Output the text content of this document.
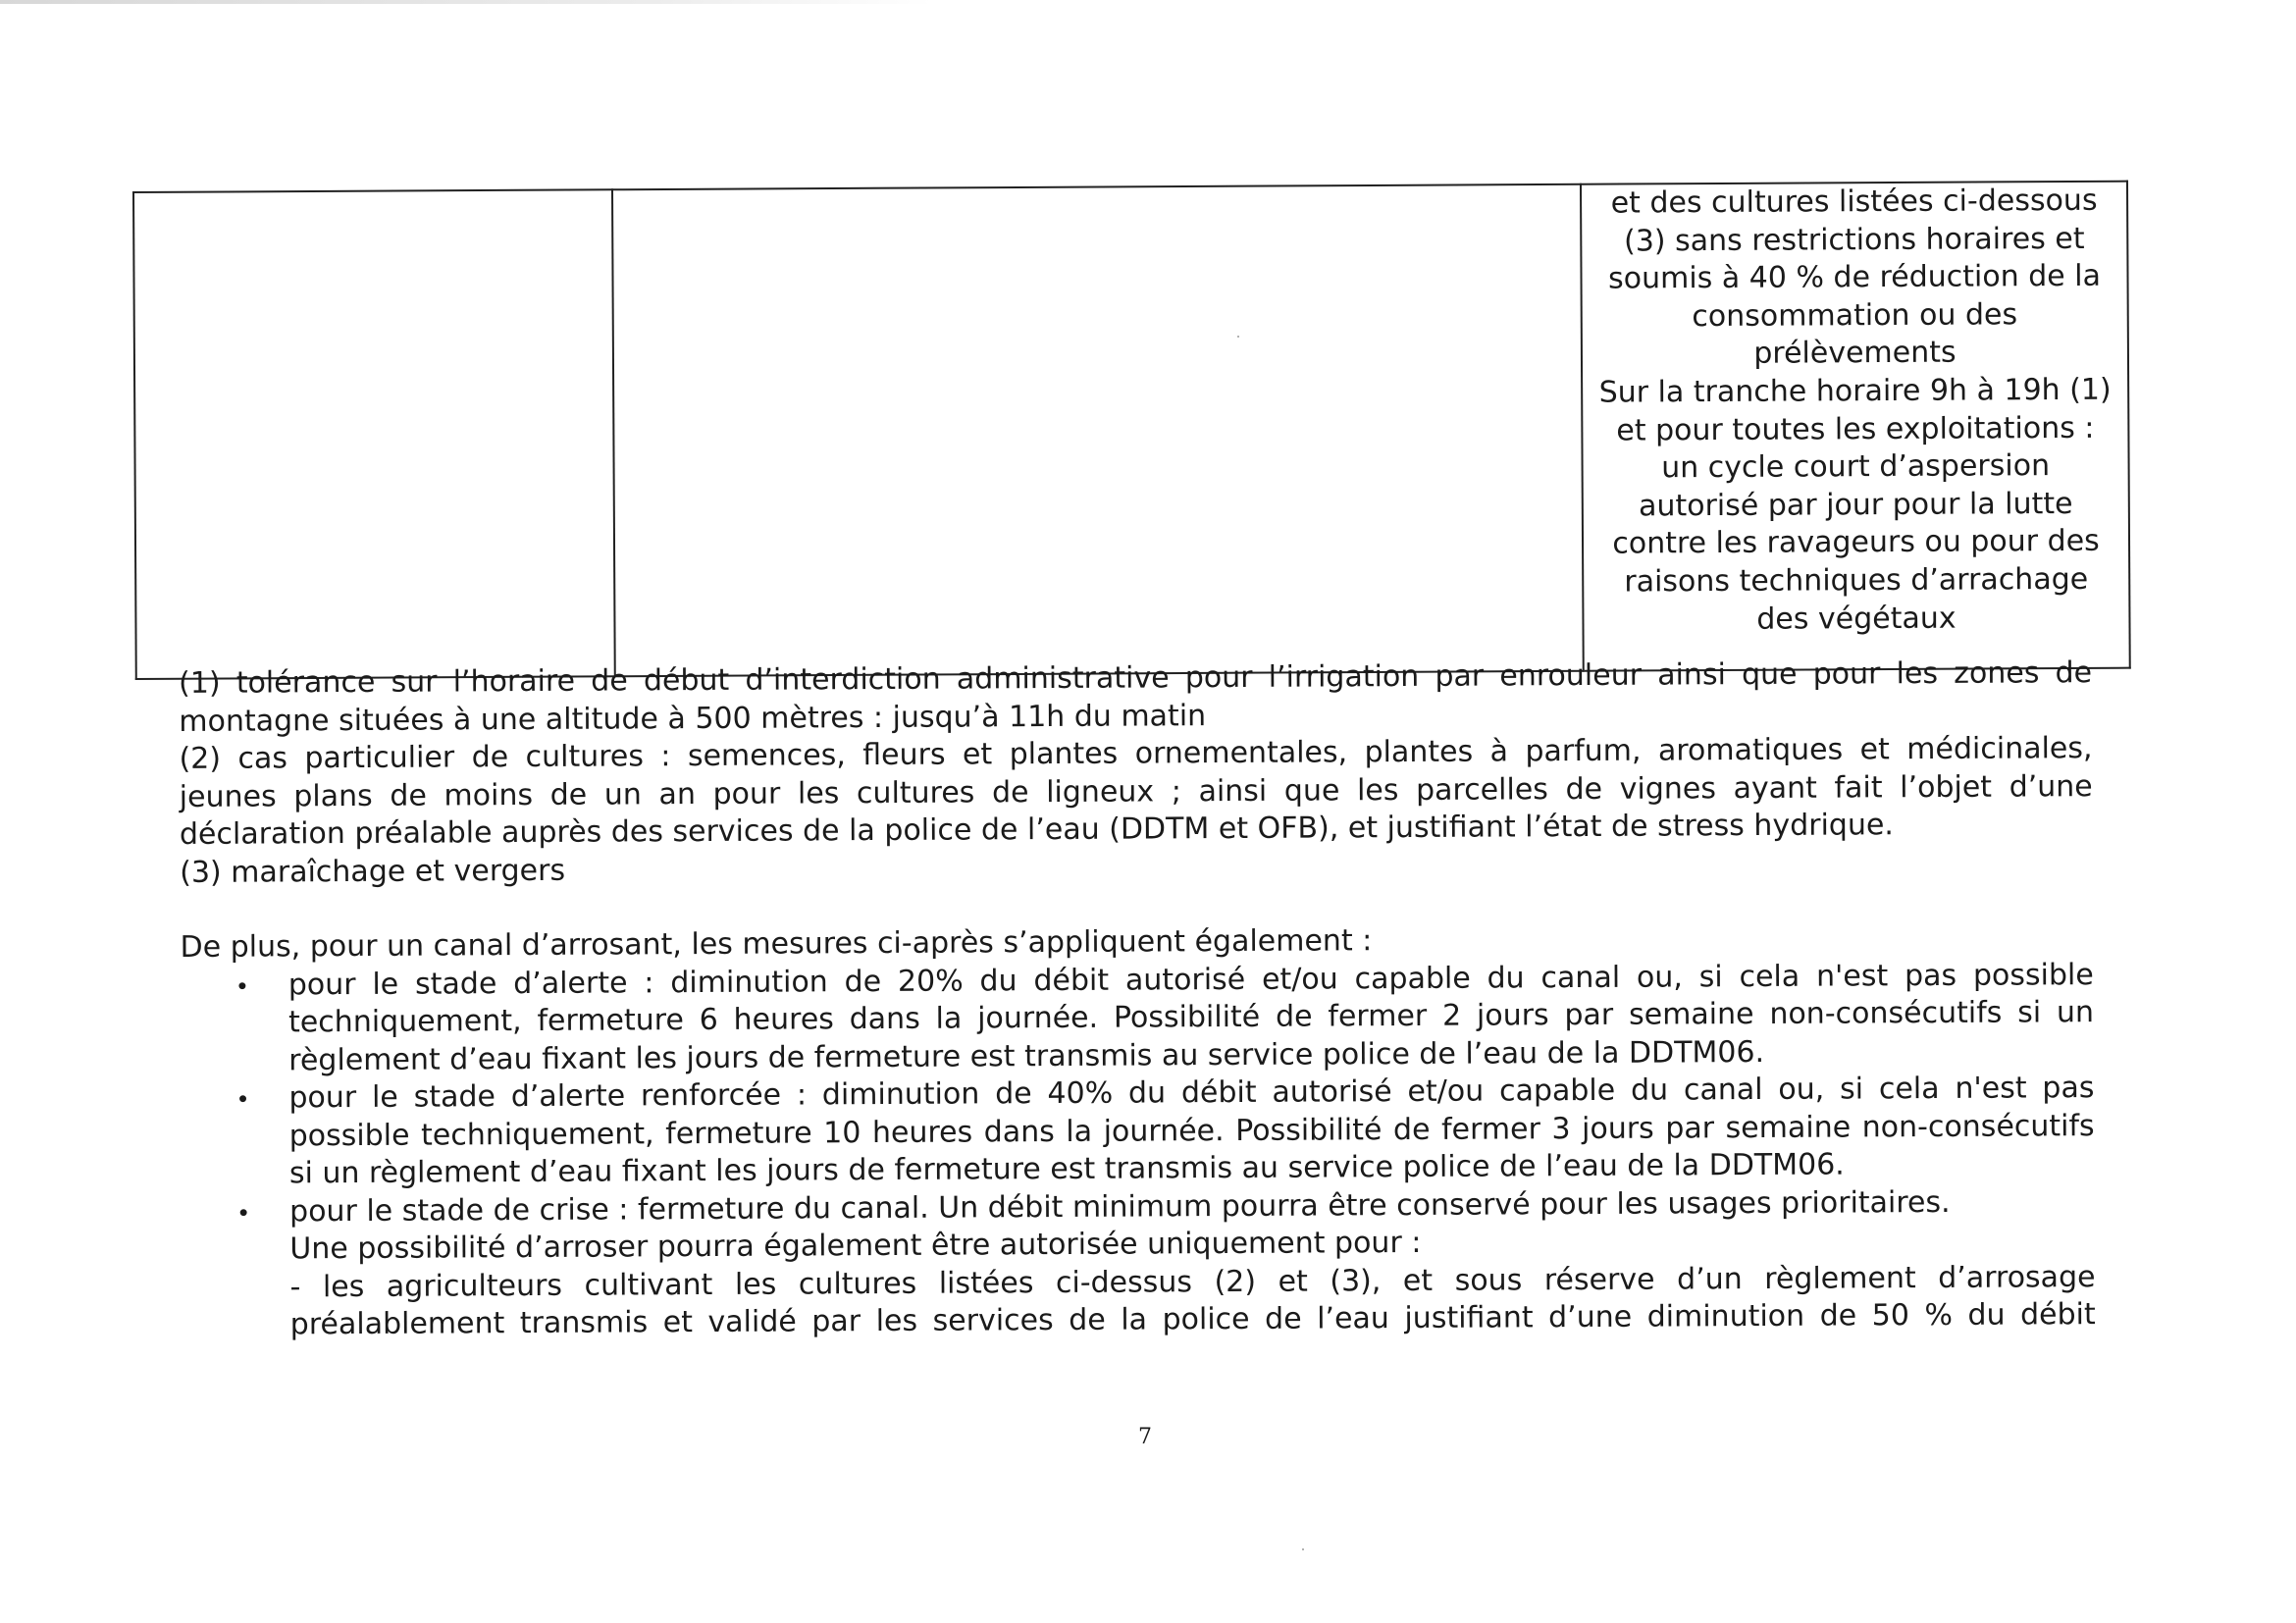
et des cultures listées ci-dessous
(3) sans restrictions horaires et
soumis à 40 % de réduction de la
consommation ou des
prélèvements
Sur la tranche horaire 9h à 19h (1)
et pour toutes les exploitations :
un cycle court d’aspersion
autorisé par jour pour la lutte
contre les ravageurs ou pour des
raisons techniques d’arrachage
des végétaux
(1) tolérance sur l’horaire de début d’interdiction administrative pour l’irrigation par enrouleur ainsi que pour les zones de
montagne situées à une altitude à 500 mètres : jusqu’à 11h du matin
(2) cas particulier de cultures : semences, fleurs et plantes ornementales, plantes à parfum, aromatiques et médicinales,
jeunes plans de moins de un an pour les cultures de ligneux ; ainsi que les parcelles de vignes ayant fait l’objet d’une
déclaration préalable auprès des services de la police de l’eau (DDTM et OFB), et justifiant l’état de stress hydrique.
(3) maraîchage et vergers
De plus, pour un canal d’arrosant, les mesures ci-après s’appliquent également :
• pour le stade d’alerte : diminution de 20% du débit autorisé et/ou capable du canal ou, si cela n'est pas possible
techniquement, fermeture 6 heures dans la journée. Possibilité de fermer 2 jours par semaine non-consécutifs si un
règlement d’eau fixant les jours de fermeture est transmis au service police de l’eau de la DDTM06.
• pour le stade d’alerte renforcée : diminution de 40% du débit autorisé et/ou capable du canal ou, si cela n'est pas
possible techniquement, fermeture 10 heures dans la journée. Possibilité de fermer 3 jours par semaine non-consécutifs
si un règlement d’eau fixant les jours de fermeture est transmis au service police de l’eau de la DDTM06.
• pour le stade de crise : fermeture du canal. Un débit minimum pourra être conservé pour les usages prioritaires.
Une possibilité d’arroser pourra également être autorisée uniquement pour :
- les agriculteurs cultivant les cultures listées ci-dessus (2) et (3), et sous réserve d’un règlement d’arrosage
préalablement transmis et validé par les services de la police de l’eau justifiant d’une diminution de 50 % du débit
7
